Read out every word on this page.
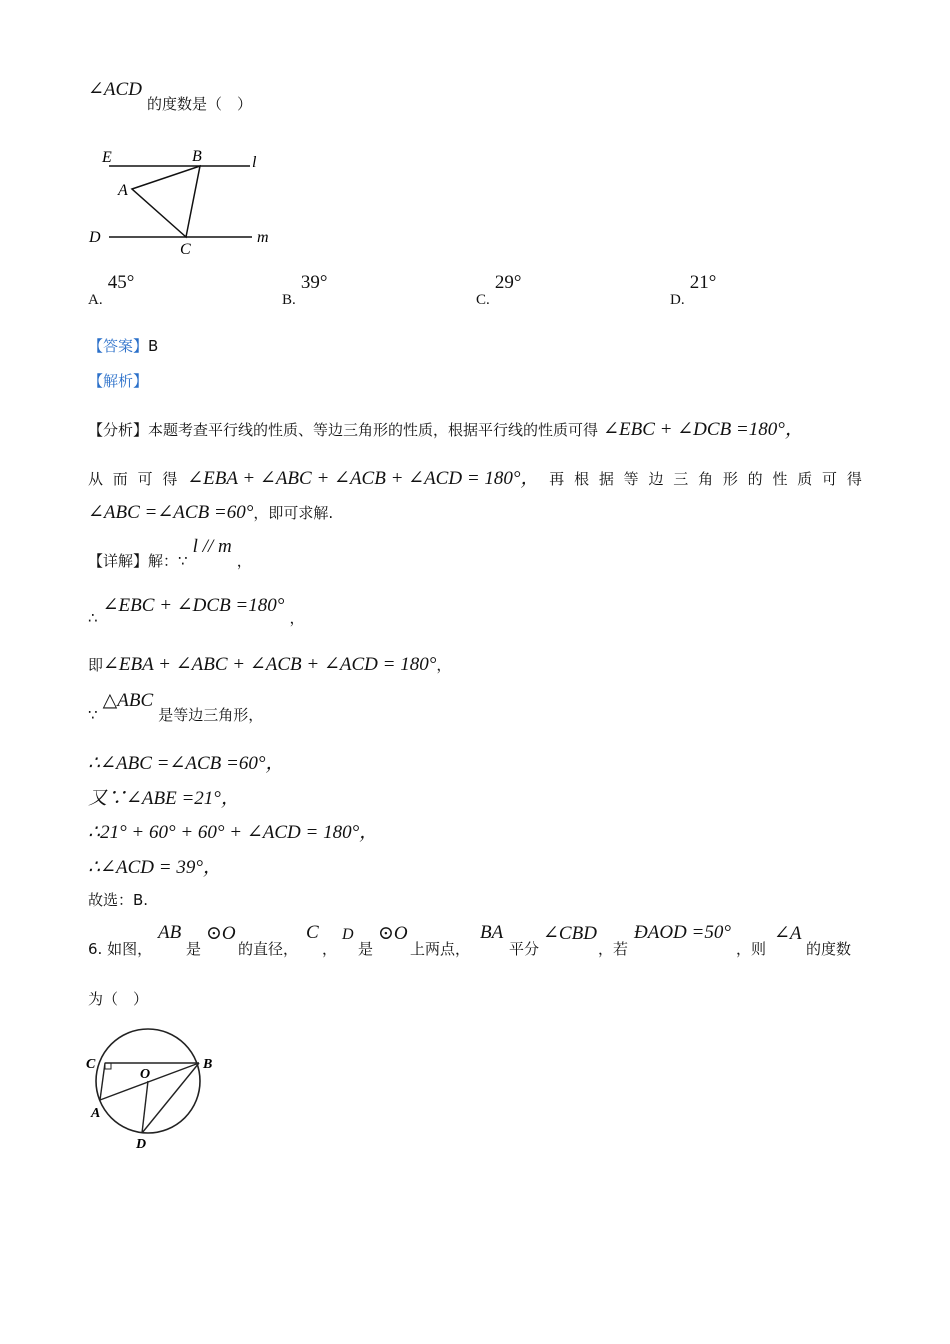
∠ACD 的度数是（　）
E	B	l
A
D
C
m
A. 45°
B. 39°
C. 29°
D. 21°
【答案】B
【解析】
【分析】本题考查平行线的性质、等边三角形的性质，根据平行线的性质可得 ∠EBC + ∠DCB =180°，
从 而 可 得 ∠EBA + ∠ABC + ∠ACB + ∠ACD = 180°， 再 根 据 等 边 三 角 形 的 性 质 可 得
∠ABC =∠ACB =60°，即可求解.
【详解】解：∵ l // m ，
∴ ∠EBC + ∠DCB =180° ，
即∠EBA + ∠ABC + ∠ACB + ∠ACD = 180°，
∵ △ABC 是等边三角形，
∴∠ABC =∠ACB =60°，
又∵∠ABE =21°，
∴21° + 60° + 60° + ∠ACD = 180°，
∴∠ACD = 39°，
故选：B.
6. 如图，
AB
是
⊙O
的直径，
C
，
D
是
⊙O
上两点，
BA
平分
∠CBD
，若
ÐAOD =50°
，则
∠A
的度数
为（　）
C
O
B
A
D
